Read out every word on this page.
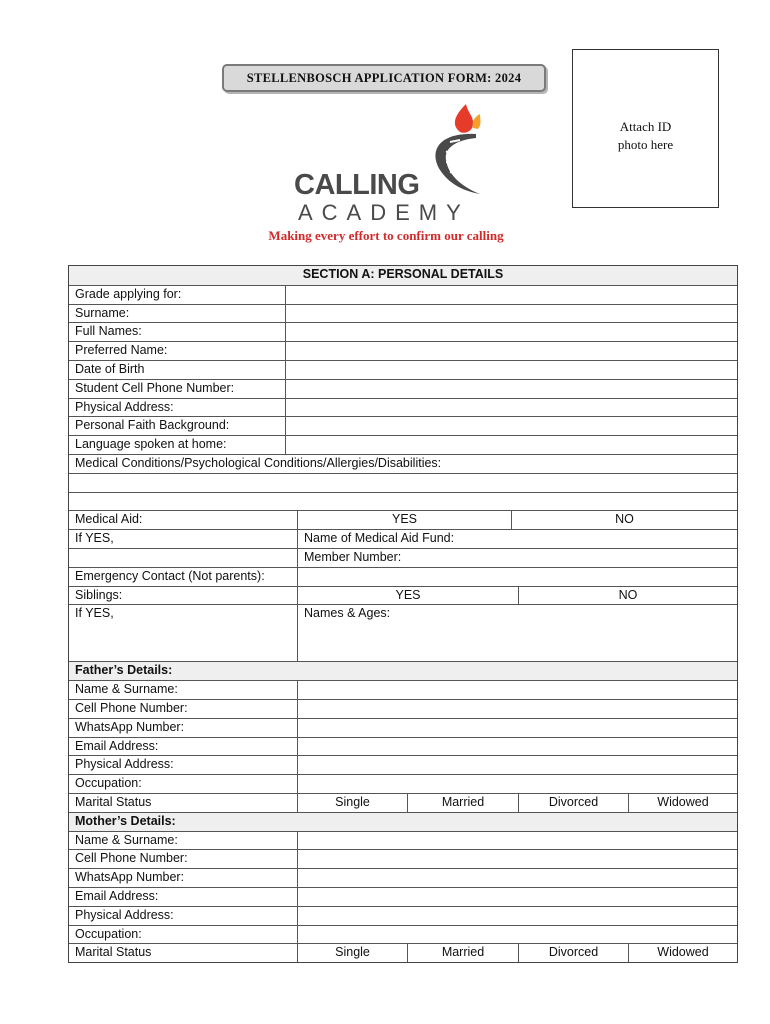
STELLENBOSCH APPLICATION FORM: 2024
Attach ID
photo here
CALLING
ACADEMY
Making every effort to confirm our calling
SECTION A: PERSONAL DETAILS
Grade applying for:
Surname:
Full Names:
Preferred Name:
Date of Birth
Student Cell Phone Number:
Physical Address:
Personal Faith Background:
Language spoken at home:
Medical Conditions/Psychological Conditions/Allergies/Disabilities:
Medical Aid:	YES	NO
If YES,	Name of Medical Aid Fund:
Member Number:
Emergency Contact (Not parents):
Siblings:	YES	NO
If YES,	Names & Ages:
Father’s Details:
Name & Surname:
Cell Phone Number:
WhatsApp Number:
Email Address:
Physical Address:
Occupation:
Marital Status	Single	Married	Divorced	Widowed
Mother’s Details:
Name & Surname:
Cell Phone Number:
WhatsApp Number:
Email Address:
Physical Address:
Occupation:
Marital Status	Single	Married	Divorced	Widowed
